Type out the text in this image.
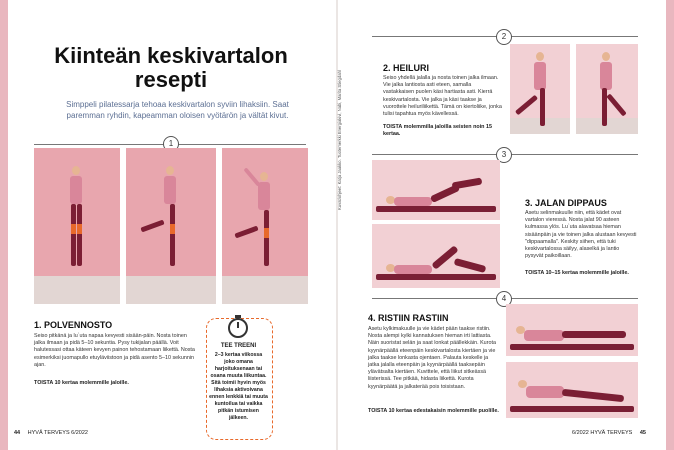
Kiinteän keskivartalon resepti
Simppeli pilatessarja tehoaa keskivartalon syviin lihaksiin. Saat paremman ryhdin, kapeamman oloisen vyötärön ja vältät kivut.
1
1. POLVENNOSTO
Seiso pitkänä ja lu`uta napaa kevyesti sisään-päin. Nosta toinen jalka ilmaan ja pidä 5–10 sekuntia. Pysy tukijalan päällä. Voit halutessasi ottaa käteen kevyen painon tehostamaan liikettä. Nosta esimerkiksi juomapullo etuyläviistoon ja pidä asento 5–10 sekunnin ajan.
TOISTA 10 kertaa molemmille jaloille.
TEE TREENI
2–3 kertaa viikossa joko omana harjoituksenaan tai osana muuta liikuntaa. Sitä toimii hyvin myös lihaksia aktivoivana ennen lenkkiä tai muuta kuntoilua tai vaikka pitkän istumisen jälkeen.
Kuvat/ohjeet: Katja Jaakko. Tuotemerkki Energiakivi, Nabi, Marita Stiegdahl
2
2. HEILURI
Seiso yhdellä jalalla ja nosta toinen jalka ilmaan. Vie jalka lantiosta asti eteen, samalla vastakkaisen puolen käsi hartiasta asti. Kierrä keskivartalosta. Vie jalka ja käsi taakse ja vuorottele heiluriliikettä. Tämä on kiertoliike, jonka tulisi tapahtua myös kävellessä.
TOISTA molemmilla jaloilla seisten noin 15 kertaa.
3
3. JALAN DIPPAUS
Asetu selinmakuulle niin, että kädet ovat vartalon vieressä. Nosta jalat 90 asteen kulmassa ylös. Lu`uta alavatsaa hieman sisäänpäin ja vie toinen jalka alustaan kevyesti "dippaamalla". Keskity siihen, että tuki keskivartalossa säilyy, alaselkä ja lantio pysyvät paikoillaan.
TOISTA 10–15 kertaa molemmille jaloille.
4
4. RISTIIN RASTIIN
Asetu kylkimakuulle ja vie kädet pään taakse ristiin. Nosta alempi kylki kannatuksen hieman irti lattiasta. Näin suoristat selän ja saat lonkat päällekkäin. Kurota kyynärpäällä eteenpäin keskivartalosta kiertäen ja vie jalka taakse lonkasta ojentaen. Palauta keskelle ja jatka jalalla eteenpäin ja kyynärpäällä taaksepäin ylävätsalta kiertäen. Kuvittele, että liikut sitkeässä liisterissä. Tee pitkää, hidasta liikettä. Kurota kyynärpäätä ja jalkaterää pois toisistaan.
TOISTA 10 kertaa edestakaisin molemmille puolille.
44 HYVÄ TERVEYS 6/2022	6/2022 HYVÄ TERVEYS 45
